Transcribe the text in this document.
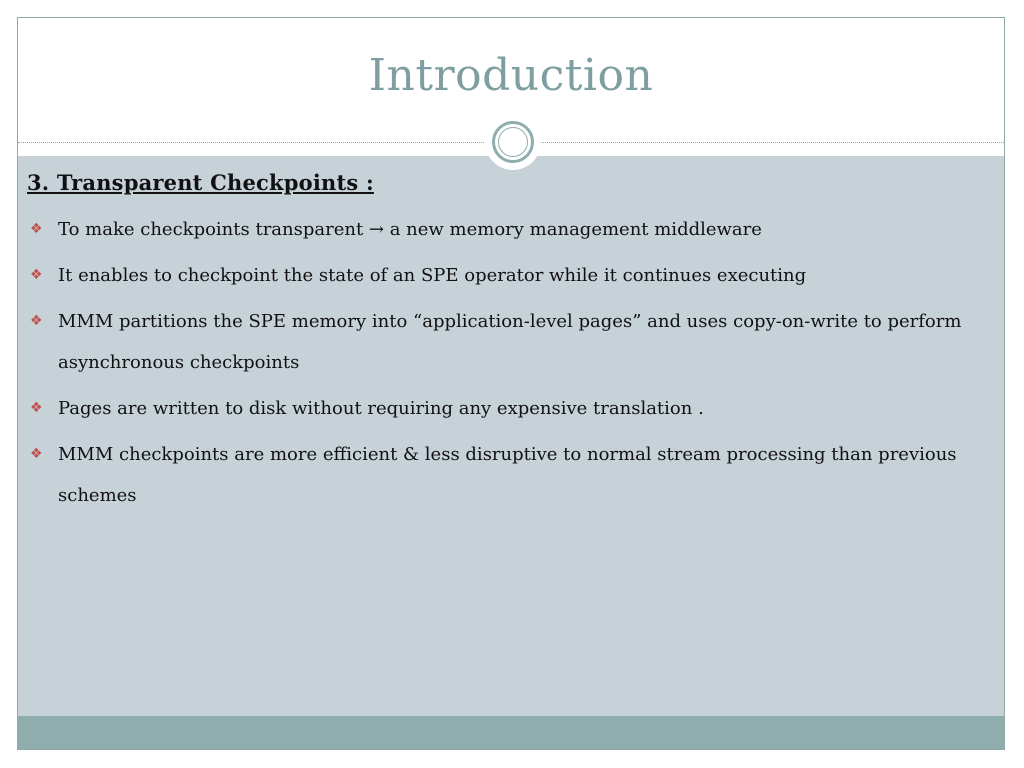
Introduction
3. Transparent Checkpoints :
❖ To make checkpoints transparent → a new memory management middleware
❖ It enables to checkpoint the state of an SPE operator while it continues executing
❖ MMM partitions the SPE memory into “application-level pages” and uses copy-on-write to perform asynchronous checkpoints
❖ Pages are written to disk without requiring any expensive translation .
❖ MMM checkpoints are more efficient & less disruptive to normal stream processing than previous schemes
